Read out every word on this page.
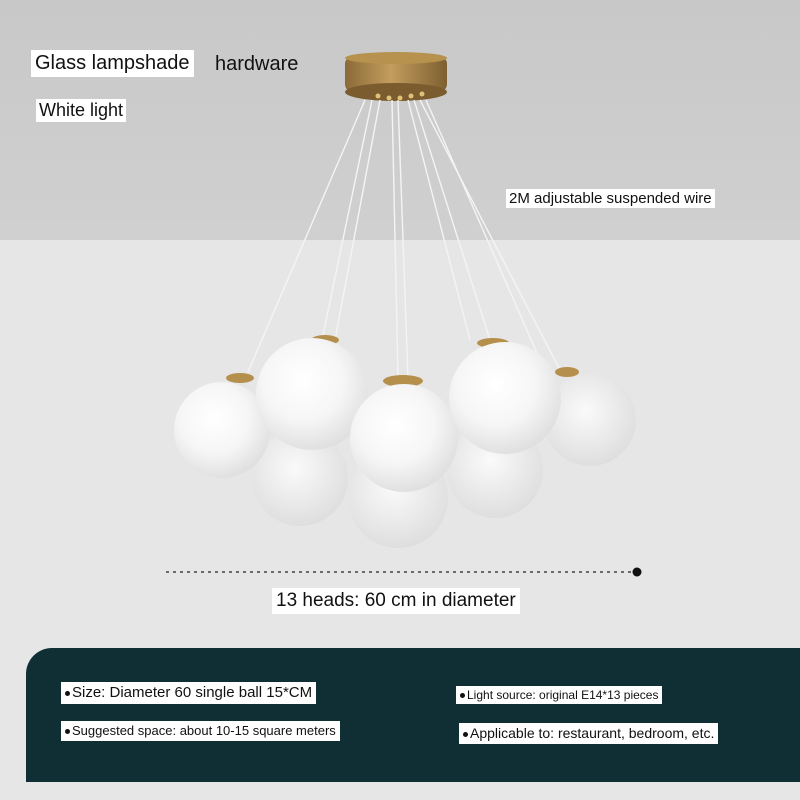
Glass lampshade hardware
White light
2M adjustable suspended wire
13 heads: 60 cm in diameter
Size: Diameter 60 single ball 15*CM	Light source: original E14*13 pieces
Suggested space: about 10-15 square meters	Applicable to: restaurant, bedroom, etc.
